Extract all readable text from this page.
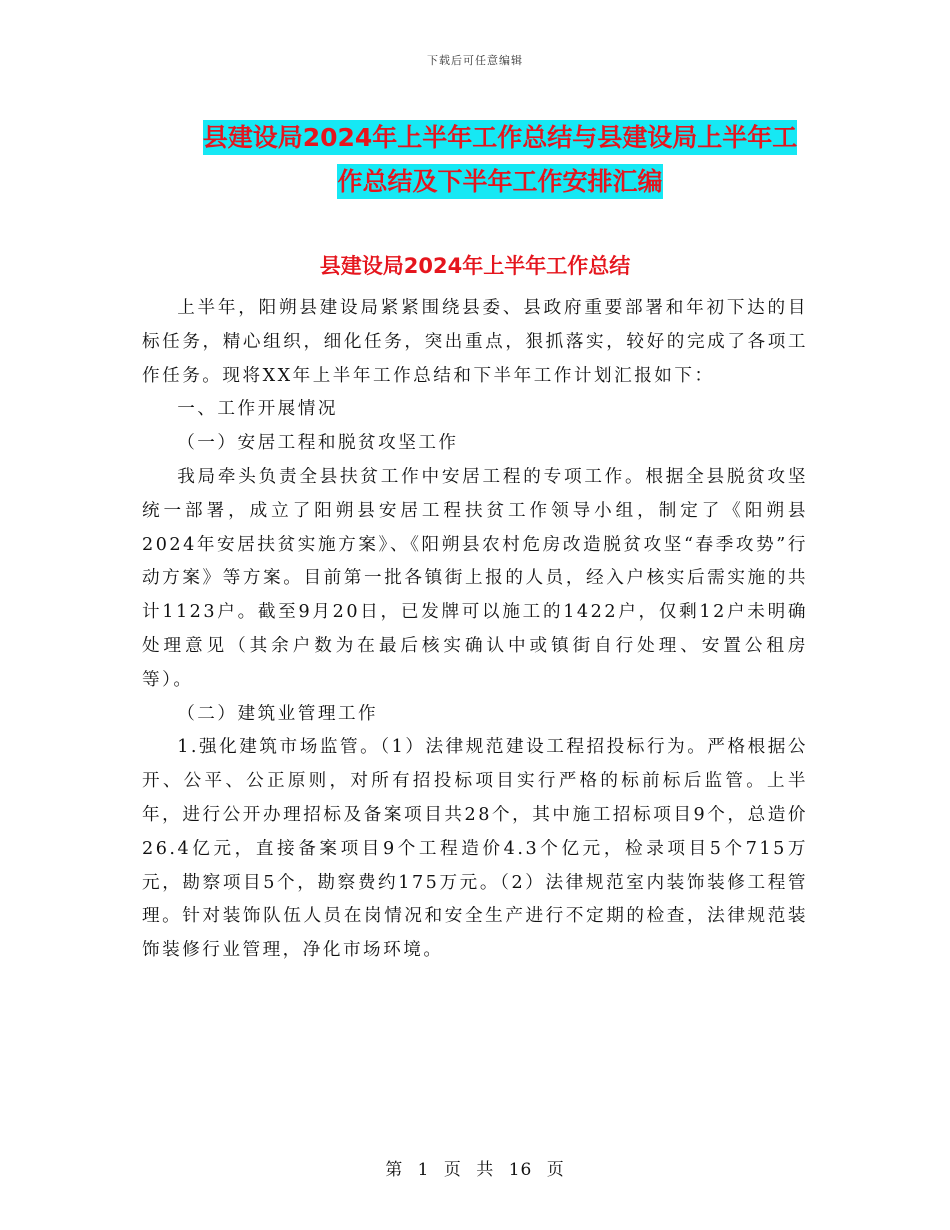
下载后可任意编辑
县建设局2024年上半年工作总结与县建设局上半年工
作总结及下半年工作安排汇编
县建设局2024年上半年工作总结

上半年，阳朔县建设局紧紧围绕县委、县政府重要部署和年初下达的目标任务，精心组织，细化任务，突出重点，狠抓落实，较好的完成了各项工作任务。现将XX年上半年工作总结和下半年工作计划汇报如下：

一、工作开展情况

（一）安居工程和脱贫攻坚工作

我局牵头负责全县扶贫工作中安居工程的专项工作。根据全县脱贫攻坚统一部署，成立了阳朔县安居工程扶贫工作领导小组，制定了《阳朔县2024年安居扶贫实施方案》、《阳朔县农村危房改造脱贫攻坚“春季攻势”行动方案》等方案。目前第一批各镇街上报的人员，经入户核实后需实施的共计1123户。截至9月20日，已发牌可以施工的1422户，仅剩12户未明确处理意见（其余户数为在最后核实确认中或镇街自行处理、安置公租房等）。

（二）建筑业管理工作

1.强化建筑市场监管。（1）法律规范建设工程招投标行为。严格根据公开、公平、公正原则，对所有招投标项目实行严格的标前标后监管。上半年，进行公开办理招标及备案项目共28个，其中施工招标项目9个，总造价26.4亿元，直接备案项目9个工程造价4.3个亿元，检录项目5个715万元，勘察项目5个，勘察费约175万元。（2）法律规范室内装饰装修工程管理。针对装饰队伍人员在岗情况和安全生产进行不定期的检查，法律规范装饰装修行业管理，净化市场环境。

第 1 页 共 16 页
